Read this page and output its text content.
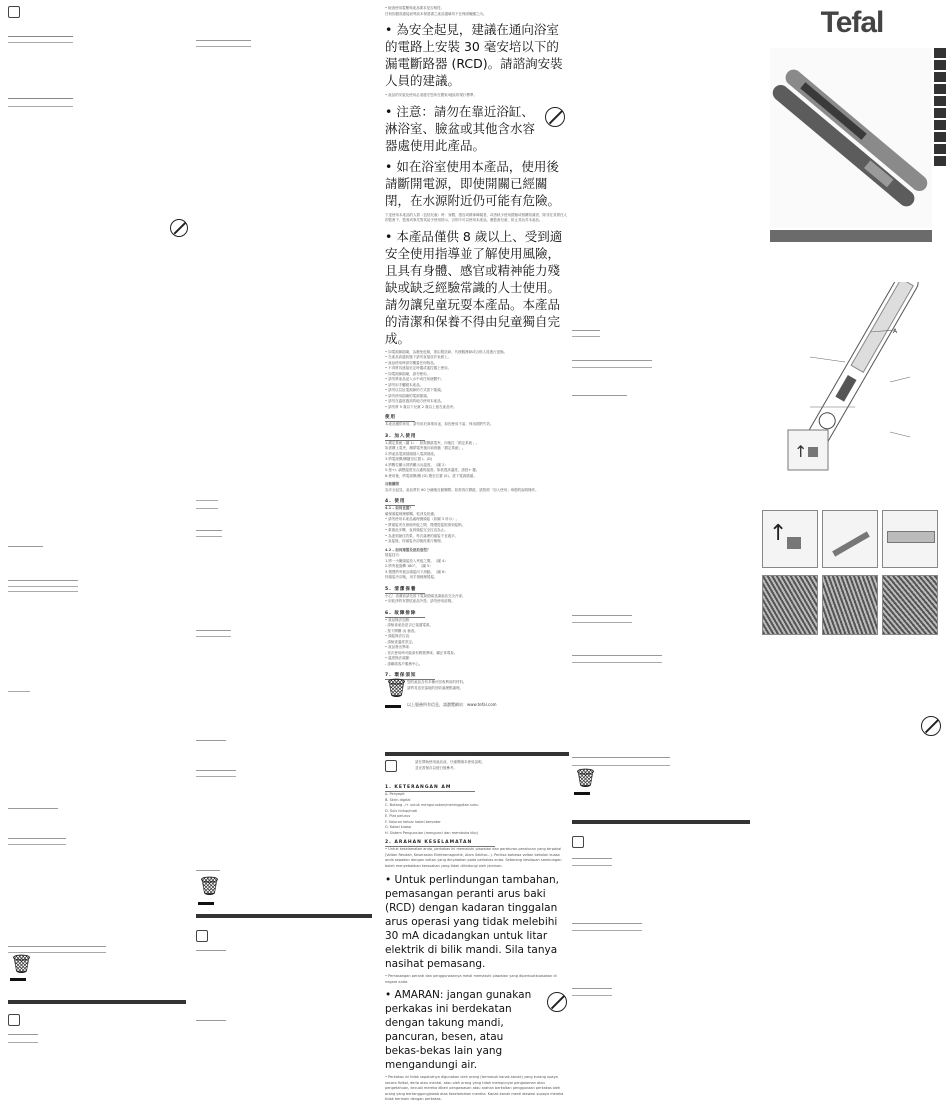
🗑
🗑

• 檢查使用電壓與產品要求是否相符。

任何因錯誤連接而導致本保證書之產品損壞均不在保固範圍之內。

• 為安全起見，建議在通向浴室的電路上安裝 30 毫安培以下的漏電斷路器 (RCD)。請諮詢安裝人員的建議。

• 產品的安裝及使用必須遵守您所在國家/地區的現行標準。

• 注意：請勿在靠近浴缸、淋浴室、臉盆或其他含水容器處使用此產品。

• 如在浴室使用本產品，使用後請斷開電源，即使開關已經關閉，在水源附近仍可能有危險。

下述使用本產品的人群（包括兒童）時：身體、感官或精神障礙者，或者缺少使用經驗或相關知識者，除非在其責任人的監督下，監督或事先對其給予使用指示，否則不可以使用本產品。應監督兒童，防止其玩弄本產品。

• 本產品僅供 8 歲以上、受到適安全使用指導並了解使用風險，且具有身體、感官或精神能力殘缺或缺乏經驗常識的人士使用。請勿讓兒童玩耍本產品。本產品的清潔和保養不得由兒童獨自完成。

• 如電源線損壞，為避免危險，需由製造商、代理服務商或合格人員進行更換。

• 在產品高溫狀態下請勿直接放於表面上。

• 產品使用時請勿覆蓋任何物品。

• 不得將其連接至定時器或遙控器上使用。

• 如電源線損壞，請勿使用。

• 請勿將產品浸入水中或任何液體中。

• 請勿用手觸碰本產品。

• 請勿以拉扯電源線的方式拔下插頭。

• 請勿使用損壞的電源插頭。

• 請勿在溫度過高的地方使用本產品。

• 請勿將 5 歲以下兒童 2 歲以上留在產品旁。

使用

本產品僅供家用，請勿用於商業用途，如因使用不當，保用期將失效。

3. 加入使用

1.鎖定系統（圖 1）：如需開啟電夾，向後拉「鎖定系統」。

如需關上電夾，關閉電夾後向前推動「鎖定系統」。

2.將產品電源插頭插入電源插座。

3.將電源開/關鍵至位置 I。(D)

4.將數位顯示屏將顯示出溫度。（圖 2）

5.按+/- 調整溫度至合適的溫度。如欲提高溫度，請按+ 鍵。

6.使用後，將電源開/關 (D) 撥至位置 (0)，拔下電源插頭。

自動關閉

為安全起見，產品將於 60 分鐘後自動關閉。如需再次開啟，請按照「加入使用」章節的說明操作。

4. 使用

4.1 – 如何直髮？

確保頭髮梳理順暢、乾淨及乾燥。

• 請勿使用本產品處理濕頭髮（如圖 3 所示）。

• 將頭髮夾在兩個夾板之間，慢慢從髮根滑到髮梢。

• 重複此步驟，直到頭髮完全拉直為止。

• 為達到最佳效果，每次處理的頭髮不宜過多。

• 直髮後，待頭髮冷卻後再進行梳理。

4.2 – 如何捲髮及波浪造型？

捲髮技巧：

1.將一小撮頭髮放入夾板之間。（圖 4）

2.將夾板旋轉 180°。（圖 5）

3.慢慢將夾板沿頭髮向下滑動。（圖 6）

待頭髮冷卻後，用手指梳理捲髮。

5. 清潔保養

小心！清潔前請先拔下電源插頭並讓產品完全冷卻。

• 用乾淨的布擦拭產品外殼，請勿使用溶劑。

6. 故障排除

• 產品無法加熱：

- 請檢查產品是否已接通電源。

- 按下開關 (I) 檢查。

• 頭髮無法拉直：

- 請檢查溫度設定。

• 產品發出異味：

- 首次使用時可能會有輕微異味，屬正常現象。

• 溫度無法調節：

- 請聯絡客戶服務中心。

7. 環保須知
🗑 您的產品含有多種可回收利用的材料。

請將其送至當地的回收處理點處理。

以上服務所有信息，請瀏覽網站：www.tefal.com

請在開始使用產品前，仔細閱讀本使用說明，

並妥善保存以便日後參考。

1. KETERANGAN AM

A. Penyepit

B. Skrin digital

C. Butang -/+ untuk menguruskan/meninggikan suhu

D. Suis hidup/mati

E. Plat pelurus

F. Saluran keluar kabel berputar

G. Kabel kuasa

H. Sistem Penguncian (mengunci dan membuka klip)

2. ARAHAN KESELAMATAN

• Untuk keselamatan anda, perkakas ini mematuhi piawaian dan peraturan-peraturan yang terpakai (Voltan Rendah, Keserasian Elektromagnetik, Alam Sekitar...). Periksa bahawa voltan bekalan kuasa anda sepadan dengan voltan yang dinyatakan pada perkakas anda. Sebarang kesilapan sambungan boleh menyebabkan kerosakan yang tidak dilindungi oleh jaminan.

• Untuk perlindungan tambahan, pemasangan peranti arus baki (RCD) dengan kadaran tinggalan arus operasi yang tidak melebihi 30 mA dicadangkan untuk litar elektrik di bilik mandi. Sila tanya nasihat pemasang.

• Pemasangan peranti dan penggunaannya mesti mematuhi piawaian yang diperkuatkuasakan di negara anda.

• AMARAN: jangan gunakan perkakas ini berdekatan dengan takung mandi, pancuran, besen, atau bekas-bekas lain yang mengandungi air.

• Perkakas ini tidak sepatutnya digunakan oleh orang (termasuk kanak-kanak) yang kurang upaya secara fizikal, deria atau mental, atau oleh orang yang tidak mempunyai pengalaman atau pengetahuan, kecuali mereka diberi pengawasan atau arahan berkaitan penggunaan perkakas oleh orang yang bertanggungjawab atas keselamatan mereka. Kanak-kanak mesti diawasi supaya mereka tidak bermain dengan perkakas.

🗑
Tefal
↑
A
↑
